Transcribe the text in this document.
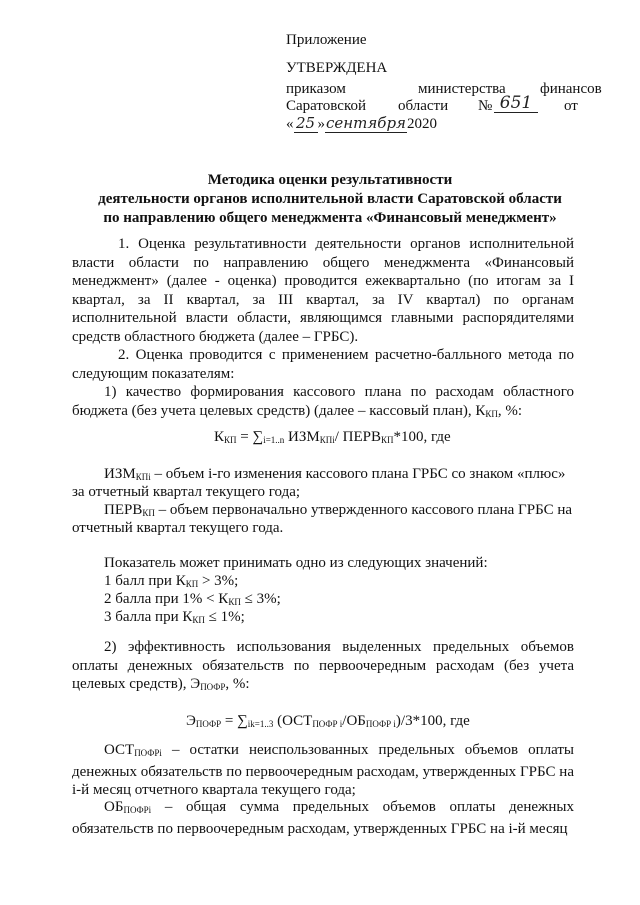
Приложение
УТВЕРЖДЕНА
приказом	министерства финансов
Саратовской области № 651	от
« 25 »сентября2020
Методика оценки результативности
деятельности органов исполнительной власти Саратовской области
по направлению общего менеджмента «Финансовый менеджмент»
1. Оценка результативности деятельности органов исполнительной власти области по направлению общего менеджмента «Финансовый менеджмент» (далее - оценка) проводится ежеквартально (по итогам за I квартал, за II квартал, за III квартал, за IV квартал) по органам исполнительной власти области, являющимся главными распорядителями средств областного бюджета (далее – ГРБС).
2. Оценка проводится с применением расчетно-балльного метода по следующим показателям:
1) качество формирования кассового плана по расходам областного бюджета (без учета целевых средств) (далее – кассовый план), $К_{КП}$, %:
$К_{КП} = \sum_{i=1..n}$ $ИЗМ_{КПi}/$ $ПЕРВ_{КП}*100$, где
$ИЗМ_{КПi}$ – объем i-го изменения кассового плана ГРБС со знаком «плюс»
за отчетный квартал текущего года;
$ПЕРВ_{КП}$ – объем первоначально утвержденного кассового плана ГРБС на
отчетный квартал текущего года.
Показатель может принимать одно из следующих значений:
1 балл при $К_{КП} > 3\%$;
2 балла при $1\% < К_{КП} \le 3\%$;
3 балла при $К_{КП} \le 1\%$;
2) эффективность использования выделенных предельных объемов оплаты денежных обязательств по первоочередным расходам (без учета целевых средств), $Э_{ПОФР}$, %:
$Э_{ПОФР} = \sum_{ik=1..3}$ $(ОСТ_{ПОФР i}/ОБ_{ПОФР i})/3*100$, где
$ОСТ_{ПОФРi}$ – остатки неиспользованных предельных объемов оплаты денежных обязательств по первоочередным расходам, утвержденных ГРБС на i-й месяц отчетного квартала текущего года;
$ОБ_{ПОФРi}$ – общая сумма предельных объемов оплаты денежных обязательств по первоочередным расходам, утвержденных ГРБС на i-й месяц
